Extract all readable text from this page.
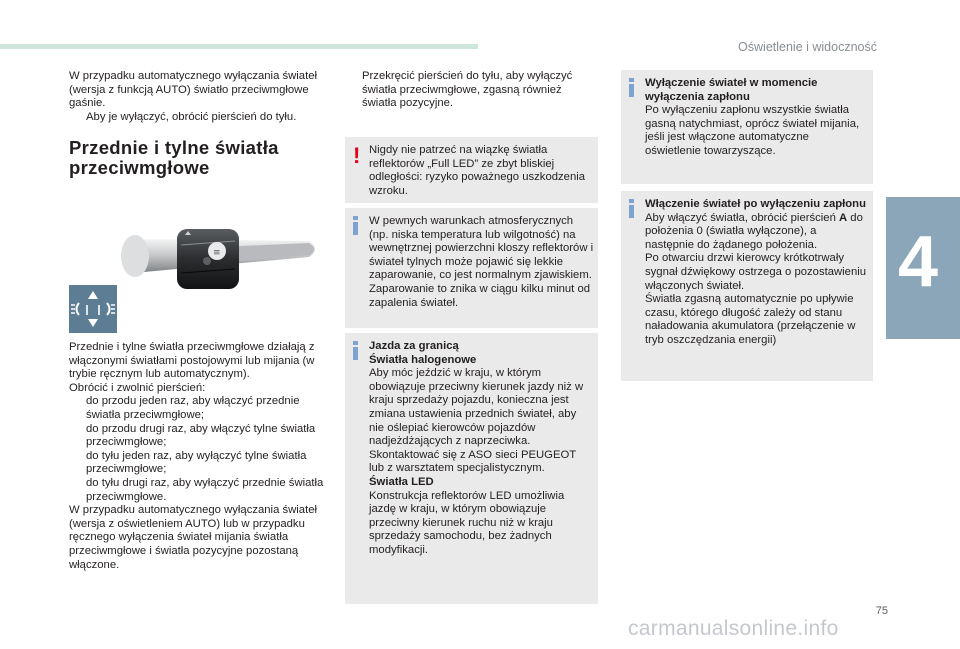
Oświetlenie i widoczność
4
W przypadku automatycznego wyłączania świateł (wersja z funkcją AUTO) światło przeciwmgłowe gaśnie.
Aby je wyłączyć, obrócić pierścień do tyłu.
Przednie i tylne światła przeciwmgłowe
≡
Przednie i tylne światła przeciwmgłowe działają z włączonymi światłami postojowymi lub mijania (w trybie ręcznym lub automatycznym).
Obrócić i zwolnić pierścień:
do przodu jeden raz, aby włączyć przednie światła przeciwmgłowe;
do przodu drugi raz, aby włączyć tylne światła przeciwmgłowe;
do tyłu jeden raz, aby wyłączyć tylne światła przeciwmgłowe;
do tyłu drugi raz, aby wyłączyć przednie światła przeciwmgłowe.
W przypadku automatycznego wyłączania świateł (wersja z oświetleniem AUTO) lub w przypadku ręcznego wyłączenia świateł mijania światła przeciwmgłowe i światła pozycyjne pozostaną włączone.
Przekręcić pierścień do tyłu, aby wyłączyć światła przeciwmgłowe, zgasną również światła pozycyjne.
! Nigdy nie patrzeć na wiązkę światła reflektorów „Full LED” ze zbyt bliskiej odległości: ryzyko poważnego uszkodzenia wzroku.
W pewnych warunkach atmosferycznych (np. niska temperatura lub wilgotność) na wewnętrznej powierzchni kloszy reflektorów i świateł tylnych może pojawić się lekkie zaparowanie, co jest normalnym zjawiskiem. Zaparowanie to znika w ciągu kilku minut od zapalenia świateł.
Jazda za granicą
Światła halogenowe
Aby móc jeździć w kraju, w którym obowiązuje przeciwny kierunek jazdy niż w kraju sprzedaży pojazdu, konieczna jest zmiana ustawienia przednich świateł, aby nie oślepiać kierowców pojazdów nadjeżdżających z naprzeciwka. Skontaktować się z ASO sieci PEUGEOT lub z warsztatem specjalistycznym.
Światła LED
Konstrukcja reflektorów LED umożliwia jazdę w kraju, w którym obowiązuje przeciwny kierunek ruchu niż w kraju sprzedaży samochodu, bez żadnych modyfikacji.
Wyłączenie świateł w momencie wyłączenia zapłonu
Po wyłączeniu zapłonu wszystkie światła gasną natychmiast, oprócz świateł mijania, jeśli jest włączone automatyczne oświetlenie towarzyszące.
Włączenie świateł po wyłączeniu zapłonu
Aby włączyć światła, obrócić pierścień A do położenia 0 (światła wyłączone), a następnie do żądanego położenia.
Po otwarciu drzwi kierowcy krótkotrwały sygnał dźwiękowy ostrzega o pozostawieniu włączonych świateł.
Światła zgasną automatycznie po upływie czasu, którego długość zależy od stanu naładowania akumulatora (przełączenie w tryb oszczędzania energii)
75
carmanualsonline.info
